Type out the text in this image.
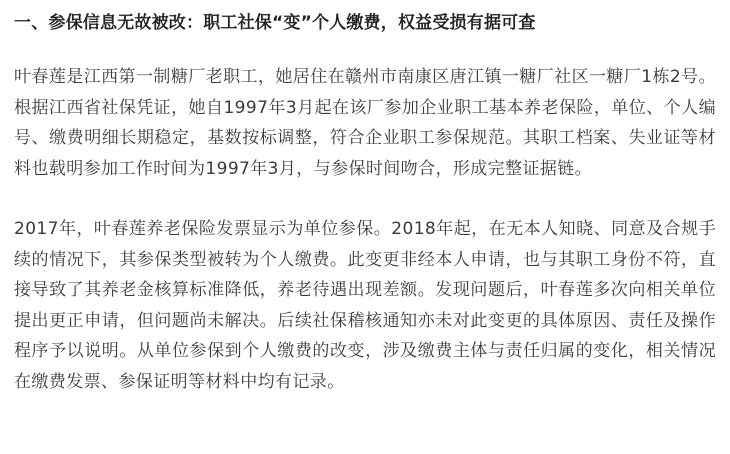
一、参保信息无故被改：职工社保“变”个人缴费，权益受损有据可查

叶春莲是江西第一制糖厂老职工，她居住在赣州市南康区唐江镇一糖厂社区一糖厂1栋2号。根据江西省社保凭证，她自1997年3月起在该厂参加企业职工基本养老保险，单位、个人编号、缴费明细长期稳定，基数按标调整，符合企业职工参保规范。其职工档案、失业证等材料也载明参加工作时间为1997年3月，与参保时间吻合，形成完整证据链。

2017年，叶春莲养老保险发票显示为单位参保。2018年起，在无本人知晓、同意及合规手续的情况下，其参保类型被转为个人缴费。此变更非经本人申请，也与其职工身份不符，直接导致了其养老金核算标准降低，养老待遇出现差额。发现问题后，叶春莲多次向相关单位提出更正申请，但问题尚未解决。后续社保稽核通知亦未对此变更的具体原因、责任及操作程序予以说明。从单位参保到个人缴费的改变，涉及缴费主体与责任归属的变化，相关情况在缴费发票、参保证明等材料中均有记录。
